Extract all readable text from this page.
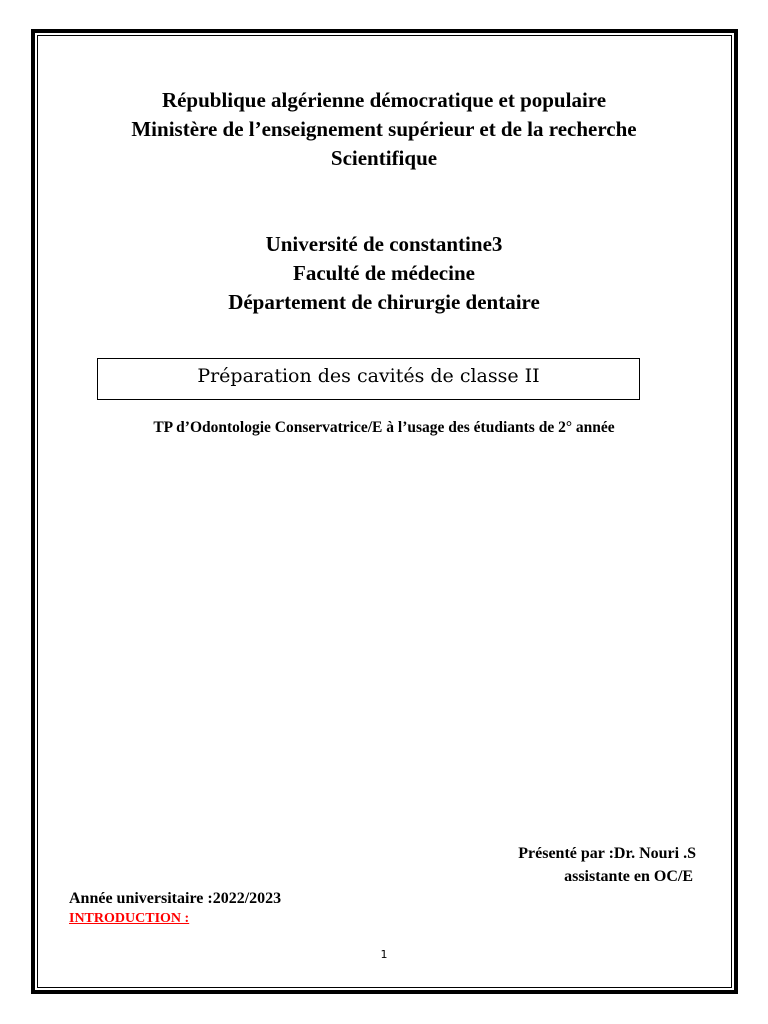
République algérienne démocratique et populaire
Ministère de l’enseignement supérieur et de la recherche
Scientifique
Université de constantine3
Faculté de médecine
Département de chirurgie dentaire
Préparation des cavités de classe II
TP d’Odontologie Conservatrice/E à l’usage des étudiants de 2° année
Présenté par :Dr. Nouri .S
assistante en OC/E
Année universitaire :2022/2023
INTRODUCTION :
1
